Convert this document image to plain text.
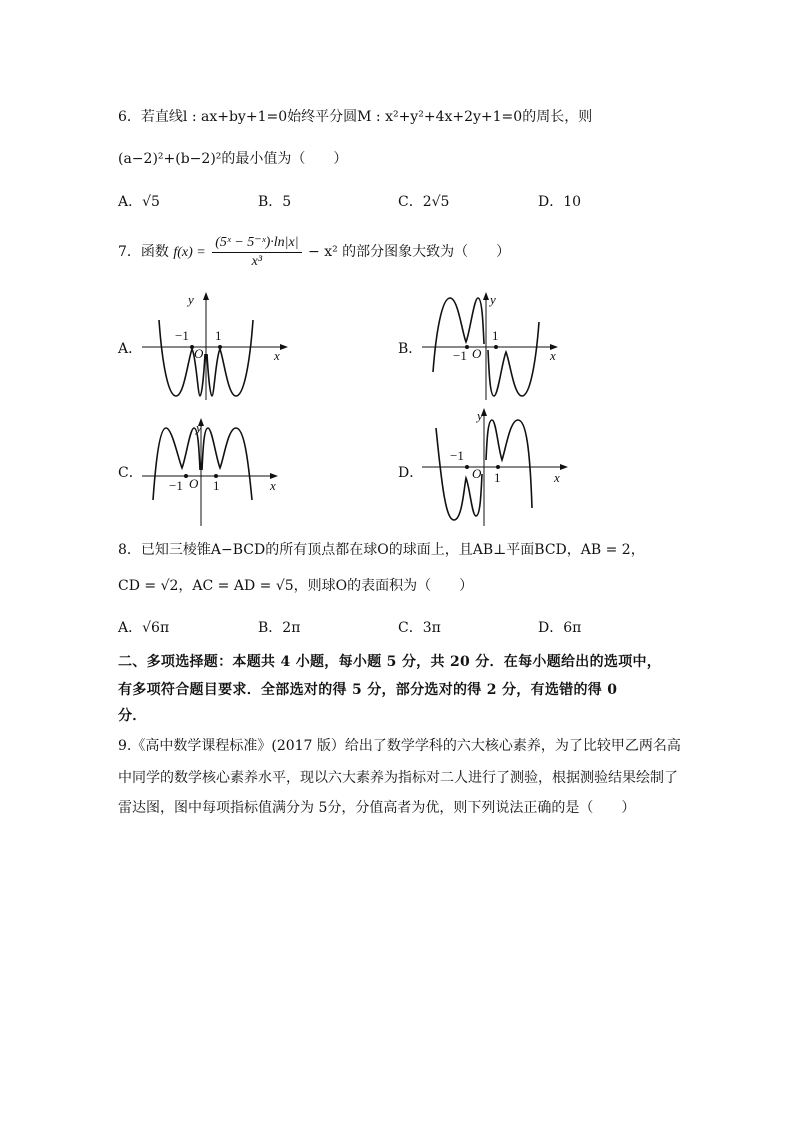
6．若直线l : ax+by+1=0始终平分圆M : x²+y²+4x+2y+1=0的周长，则
(a−2)²+(b−2)²的最小值为（　　）
A．√5	B．5	C．2√5	D．10
7．函数 $f(x) = \frac{\text{(5ˣ − 5⁻ˣ)·ln|x|}}{\text{x³}} - x^2$ 的部分图象大致为（　　）
A．	B．
C．	D．
−1 1
O	x
y
−1
1
O	x
y
−1 1
O	x
y
−1
1
O	x
y
8．已知三棱锥A−BCD的所有顶点都在球O的球面上，且AB⊥平面BCD，AB = 2，
CD = √2，AC = AD = √5，则球O的表面积为（　　）
A．√6π	B．2π	C．3π	D．6π
二、多项选择题：本题共 4 小题，每小题 5 分，共 20 分．在每小题给出的选项中，
有多项符合题目要求．全部选对的得 5 分，部分选对的得 2 分，有选错的得 0
分．
9.《高中数学课程标准》(2017 版）给出了数学学科的六大核心素养，为了比较甲乙两名高
中同学的数学核心素养水平，现以六大素养为指标对二人进行了测验，根据测验结果绘制了
雷达图，图中每项指标值满分为 5分，分值高者为优，则下列说法正确的是（　　）
